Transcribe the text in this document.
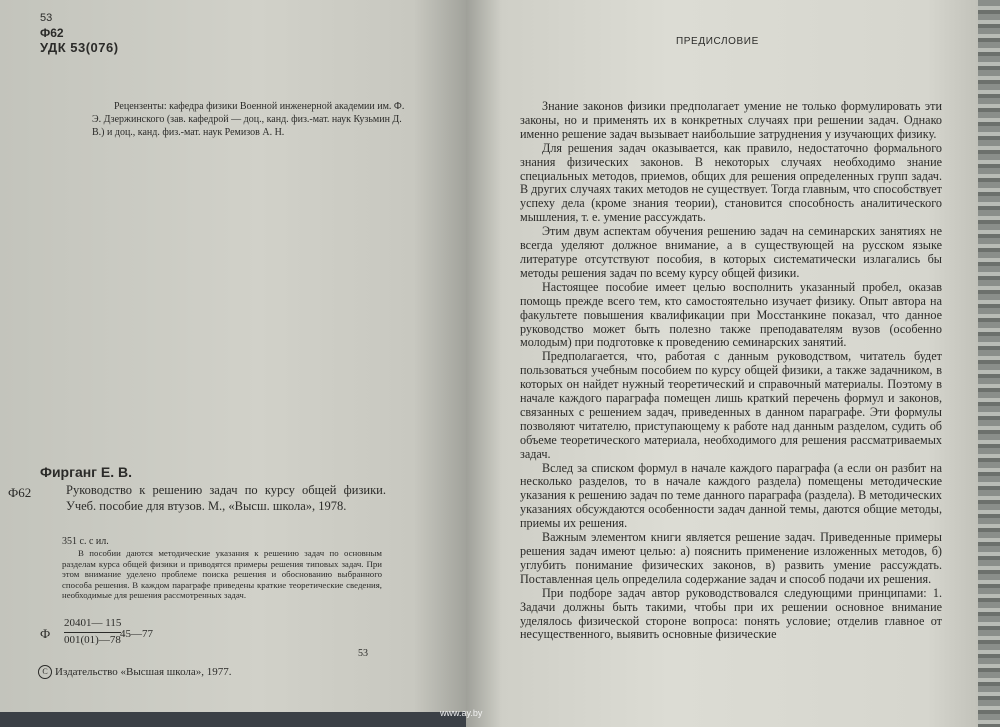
53
Ф62
УДК 53(076)
Рецензенты: кафедра физики Военной инженерной академии им. Ф. Э. Дзержинского (зав. кафедрой — доц., канд. физ.-мат. наук Кузьмин Д. В.) и доц., канд. физ.-мат. наук Ремизов А. Н.
Фирганг Е. В.
Ф62	Руководство к решению задач по курсу общей физики. Учеб. пособие для втузов. М., «Высш. школа», 1978.
351 с. с ил.
В пособии даются методические указания к решению задач по основным разделам курса общей физики и приводятся примеры решения типовых задач. При этом внимание уделено проблеме поиска решения и обоснованию выбранного способа решения. В каждом параграфе приведены краткие теоретические сведения, необходимые для решения рассмотренных задач.
Ф
20401— 115
001(01)—78 45—77
53
C Издательство «Высшая школа», 1977.
ПРЕДИСЛОВИЕ

Знание законов физики предполагает умение не только формулировать эти законы, но и применять их в конкретных случаях при решении задач. Однако именно решение задач вызывает наибольшие затруднения у изучающих физику.

Для решения задач оказывается, как правило, недостаточно формального знания физических законов. В некоторых случаях необходимо знание специальных методов, приемов, общих для решения определенных групп задач. В других случаях таких методов не существует. Тогда главным, что способствует успеху дела (кроме знания теории), становится способность аналитического мышления, т. е. умение рассуждать.

Этим двум аспектам обучения решению задач на семинарских занятиях не всегда уделяют должное внимание, а в существующей на русском языке литературе отсутствуют пособия, в которых систематически излагались бы методы решения задач по всему курсу общей физики.

Настоящее пособие имеет целью восполнить указанный пробел, оказав помощь прежде всего тем, кто самостоятельно изучает физику. Опыт автора на факультете повышения квалификации при Мосстанкине показал, что данное руководство может быть полезно также преподавателям вузов (особенно молодым) при подготовке к проведению семинарских занятий.

Предполагается, что, работая с данным руководством, читатель будет пользоваться учебным пособием по курсу общей физики, а также задачником, в которых он найдет нужный теоретический и справочный материалы. Поэтому в начале каждого параграфа помещен лишь краткий перечень формул и законов, связанных с решением задач, приведенных в данном параграфе. Эти формулы позволяют читателю, приступающему к работе над данным разделом, судить об объеме теоретического материала, необходимого для решения рассматриваемых задач.

Вслед за списком формул в начале каждого параграфа (а если он разбит на несколько разделов, то в начале каждого раздела) помещены методические указания к решению задач по теме данного параграфа (раздела). В методических указаниях обсуждаются особенности задач данной темы, даются общие методы, приемы их решения.

Важным элементом книги является решение задач. Приведенные примеры решения задач имеют целью: а) пояснить применение изложенных методов, б) углубить понимание физических законов, в) развить умение рассуждать. Поставленная цель определила содержание задач и способ подачи их решения.

При подборе задач автор руководствовался следующими принципами: 1. Задачи должны быть такими, чтобы при их решении основное внимание уделялось физической стороне вопроса: понять условие; отделив главное от несущественного, выявить основные физические

www.ay.by
